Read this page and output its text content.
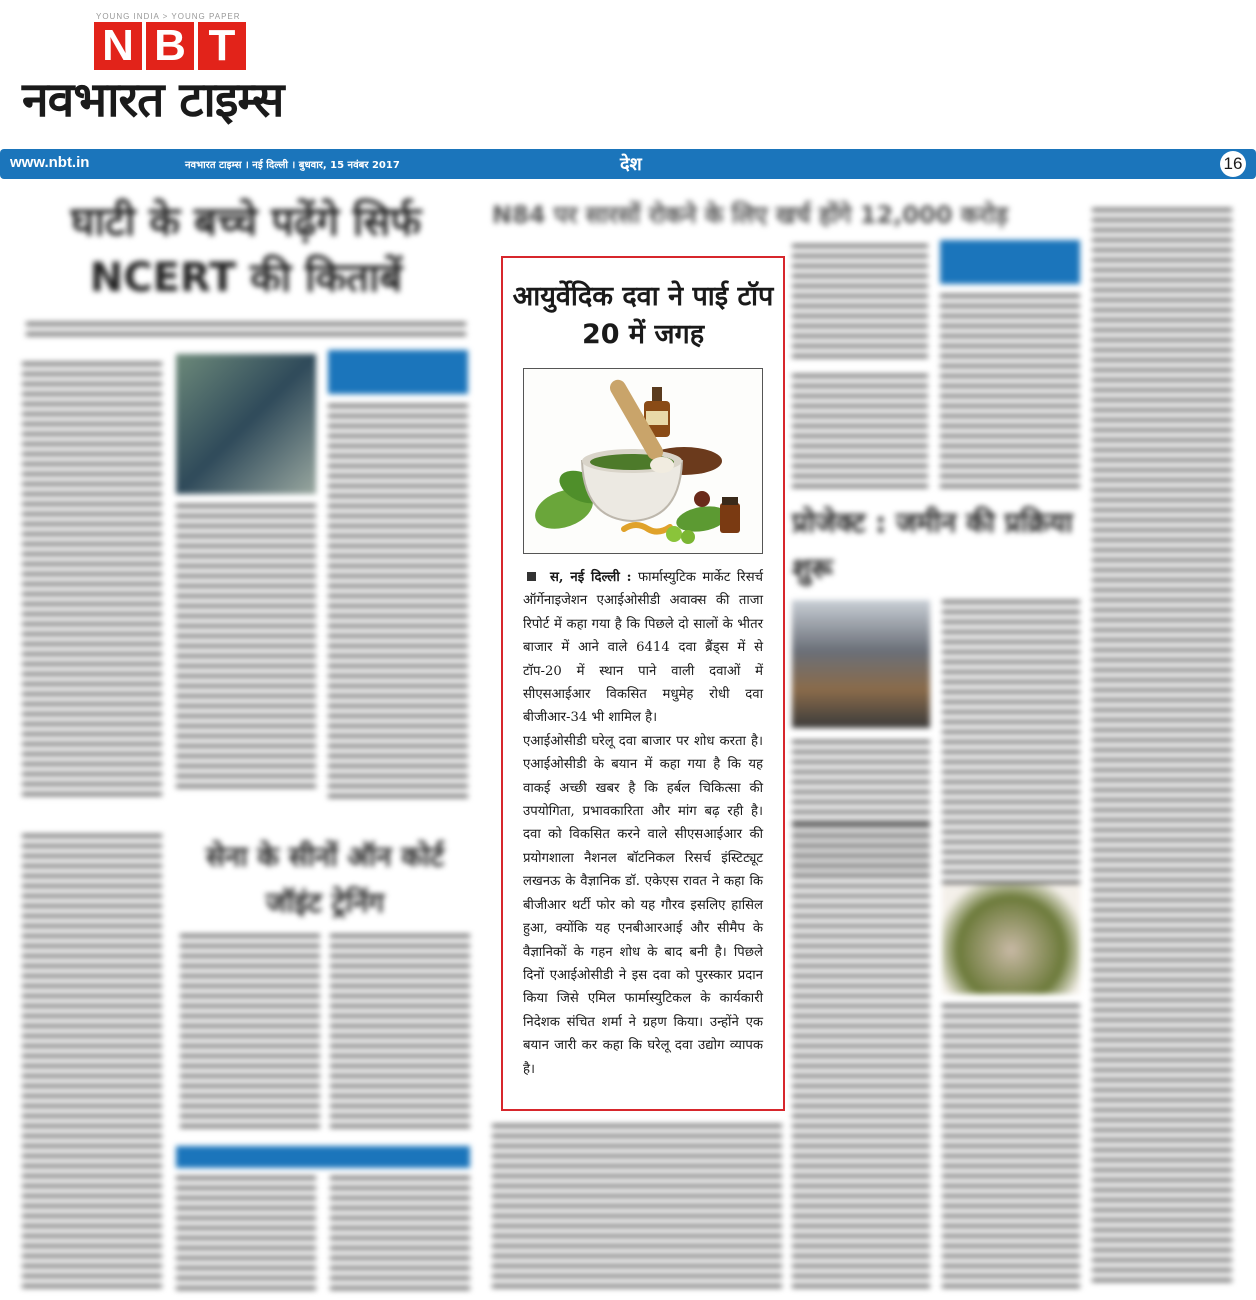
YOUNG INDIA > YOUNG PAPER
N B T
नवभारत टाइम्स
www.nbt.in	नवभारत टाइम्स । नई दिल्ली । बुधवार, 15 नवंबर 2017	देश	16
घाटी के बच्चे पढ़ेंगे सिर्फ NCERT की किताबें
सेना के सीनों ऑन कोर्ट जॉइंट ट्रेनिंग
N84 पर सारसों रोकने के लिए खर्च होंगे 12,000 करोड़
प्रोजेक्ट : जमीन की प्रक्रिया शुरू
आयुर्वेदिक दवा ने पाई टॉप 20 में जगह

स, नई दिल्ली : फार्मास्युटिक मार्केट रिसर्च ऑर्गेनाइजेशन एआईओसीडी अवाक्स की ताजा रिपोर्ट में कहा गया है कि पिछले दो सालों के भीतर बाजार में आने वाले 6414 दवा ब्रैंड्स में से टॉप-20 में स्थान पाने वाली दवाओं में सीएसआईआर विकसित मधुमेह रोधी दवा बीजीआर-34 भी शामिल है।

एआईओसीडी घरेलू दवा बाजार पर शोध करता है। एआईओसीडी के बयान में कहा गया है कि यह वाकई अच्छी खबर है कि हर्बल चिकित्सा की उपयोगिता, प्रभावकारिता और मांग बढ़ रही है। दवा को विकसित करने वाले सीएसआईआर की प्रयोगशाला नैशनल बॉटनिकल रिसर्च इंस्टिट्यूट लखनऊ के वैज्ञानिक डॉ. एकेएस रावत ने कहा कि बीजीआर थर्टी फोर को यह गौरव इसलिए हासिल हुआ, क्योंकि यह एनबीआरआई और सीमैप के वैज्ञानिकों के गहन शोध के बाद बनी है। पिछले दिनों एआईओसीडी ने इस दवा को पुरस्कार प्रदान किया जिसे एमिल फार्मास्युटिकल के कार्यकारी निदेशक संचित शर्मा ने ग्रहण किया। उन्होंने एक बयान जारी कर कहा कि घरेलू दवा उद्योग व्यापक है।
